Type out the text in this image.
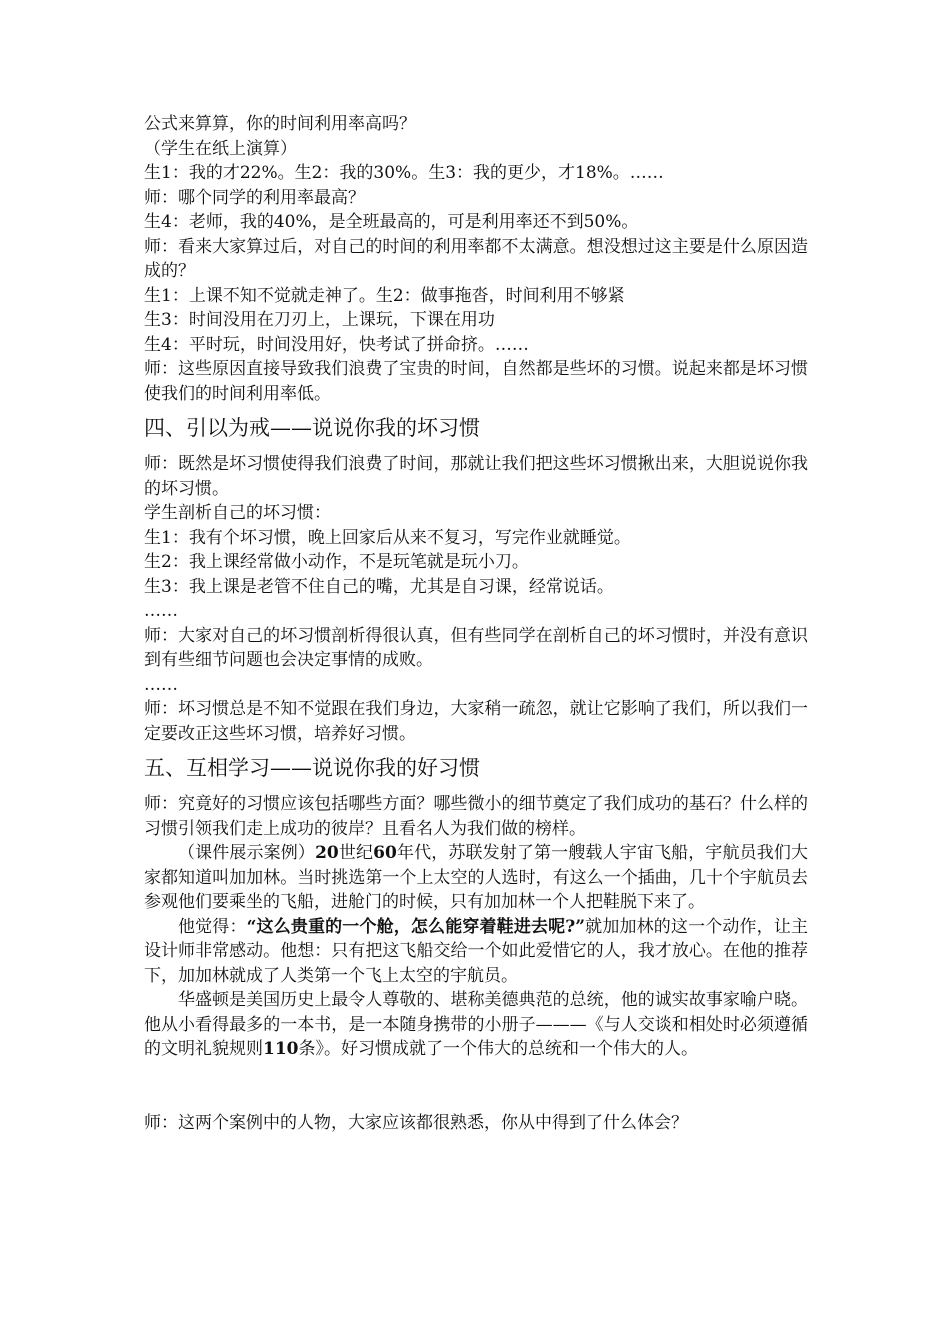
公式来算算，你的时间利用率高吗？

（学生在纸上演算）

生1：我的才22%。生2：我的30%。生3：我的更少，才18%。……

师：哪个同学的利用率最高？

生4：老师，我的40%，是全班最高的，可是利用率还不到50%。

师：看来大家算过后，对自己的时间的利用率都不太满意。想没想过这主要是什么原因造成的？

生1：上课不知不觉就走神了。生2：做事拖沓，时间利用不够紧

生3：时间没用在刀刃上，上课玩，下课在用功

生4：平时玩，时间没用好，快考试了拼命挤。……

师：这些原因直接导致我们浪费了宝贵的时间，自然都是些坏的习惯。说起来都是坏习惯使我们的时间利用率低。

四、引以为戒——说说你我的坏习惯

师：既然是坏习惯使得我们浪费了时间，那就让我们把这些坏习惯揪出来，大胆说说你我的坏习惯。

学生剖析自己的坏习惯：

生1：我有个坏习惯，晚上回家后从来不复习，写完作业就睡觉。

生2：我上课经常做小动作，不是玩笔就是玩小刀。

生3：我上课是老管不住自己的嘴，尤其是自习课，经常说话。

……

师：大家对自己的坏习惯剖析得很认真，但有些同学在剖析自己的坏习惯时，并没有意识到有些细节问题也会决定事情的成败。

……

师：坏习惯总是不知不觉跟在我们身边，大家稍一疏忽，就让它影响了我们，所以我们一定要改正这些坏习惯，培养好习惯。

五、互相学习——说说你我的好习惯

师：究竟好的习惯应该包括哪些方面？哪些微小的细节奠定了我们成功的基石？什么样的习惯引领我们走上成功的彼岸？且看名人为我们做的榜样。

（课件展示案例）20世纪60年代，苏联发射了第一艘载人宇宙飞船，宇航员我们大家都知道叫加加林。当时挑选第一个上太空的人选时，有这么一个插曲，几十个宇航员去参观他们要乘坐的飞船，进舱门的时候，只有加加林一个人把鞋脱下来了。

他觉得：“这么贵重的一个舱，怎么能穿着鞋进去呢?”就加加林的这一个动作，让主设计师非常感动。他想：只有把这飞船交给一个如此爱惜它的人，我才放心。在他的推荐下，加加林就成了人类第一个飞上太空的宇航员。

华盛顿是美国历史上最令人尊敬的、堪称美德典范的总统，他的诚实故事家喻户晓。他从小看得最多的一本书，是一本随身携带的小册子———《与人交谈和相处时必须遵循的文明礼貌规则110条》。好习惯成就了一个伟大的总统和一个伟大的人。

师：这两个案例中的人物，大家应该都很熟悉，你从中得到了什么体会？
